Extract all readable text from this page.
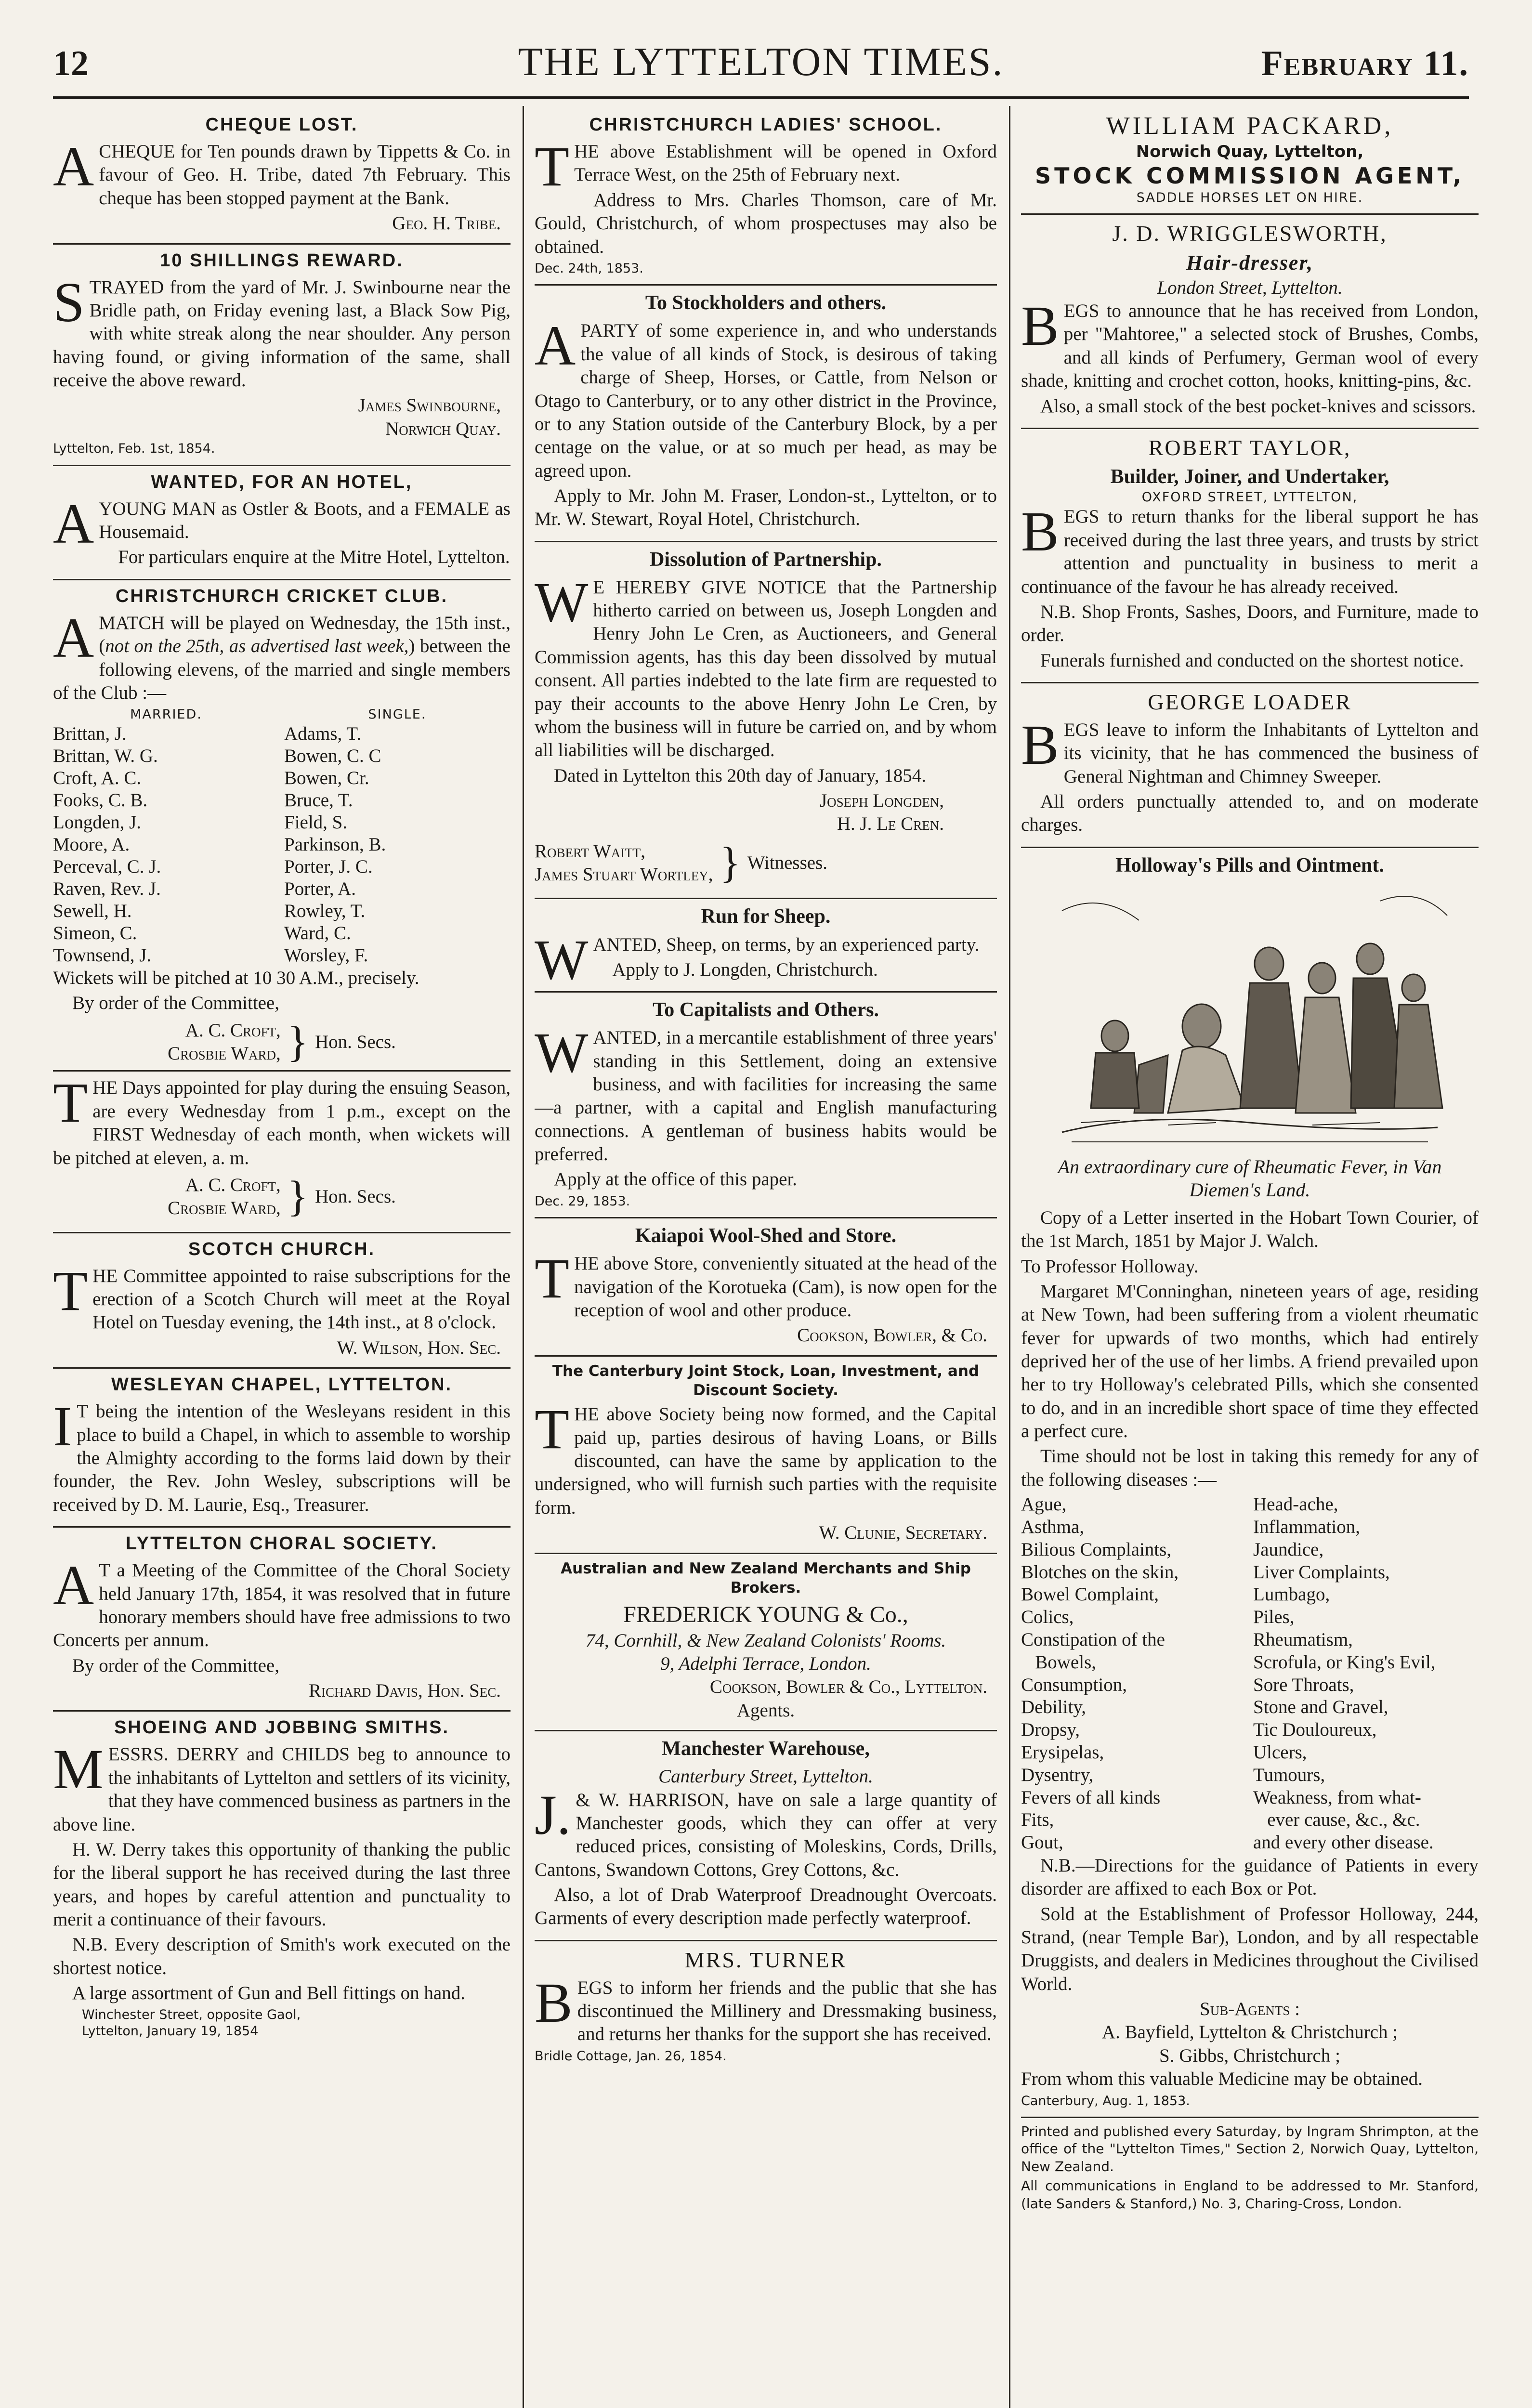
12	THE LYTTELTON TIMES.	February 11.
CHEQUE LOST.

ACHEQUE for Ten pounds drawn by Tippetts & Co. in favour of Geo. H. Tribe, dated 7th February. This cheque has been stopped payment at the Bank.

Geo. H. Tribe.
10 SHILLINGS REWARD.

STRAYED from the yard of Mr. J. Swinbourne near the Bridle path, on Friday evening last, a Black Sow Pig, with white streak along the near shoulder. Any person having found, or giving information of the same, shall receive the above reward.

James Swinbourne,
Norwich Quay.
Lyttelton, Feb. 1st, 1854.
WANTED, FOR AN HOTEL,

AYOUNG MAN as Ostler & Boots, and a FEMALE as Housemaid.

For particulars enquire at the Mitre Hotel, Lyttelton.

CHRISTCHURCH CRICKET CLUB.

AMATCH will be played on Wednesday, the 15th inst., (not on the 25th, as advertised last week,) between the following elevens, of the married and single members of the Club :—

MARRIED.
Brittan, J.
Brittan, W. G.
Croft, A. C.
Fooks, C. B.
Longden, J.
Moore, A.
Perceval, C. J.
Raven, Rev. J.
Sewell, H.
Simeon, C.
Townsend, J.
SINGLE.
Adams, T.
Bowen, C. C
Bowen, Cr.
Bruce, T.
Field, S.
Parkinson, B.
Porter, J. C.
Porter, A.
Rowley, T.
Ward, C.
Worsley, F.

Wickets will be pitched at 10 30 A.M., precisely.

By order of the Committee,

A. C. Croft,
Crosbie Ward, } Hon. Secs.

THE Days appointed for play during the ensuing Season, are every Wednesday from 1 p.m., except on the FIRST Wednesday of each month, when wickets will be pitched at eleven, a. m.

A. C. Croft,
Crosbie Ward, } Hon. Secs.
SCOTCH CHURCH.

THE Committee appointed to raise subscriptions for the erection of a Scotch Church will meet at the Royal Hotel on Tuesday evening, the 14th inst., at 8 o'clock.

W. Wilson, Hon. Sec.
WESLEYAN CHAPEL, LYTTELTON.

IT being the intention of the Wesleyans resident in this place to build a Chapel, in which to assemble to worship the Almighty according to the forms laid down by their founder, the Rev. John Wesley, subscriptions will be received by D. M. Laurie, Esq., Treasurer.

LYTTELTON CHORAL SOCIETY.

AT a Meeting of the Committee of the Choral Society held January 17th, 1854, it was resolved that in future honorary members should have free admissions to two Concerts per annum.

By order of the Committee,

Richard Davis, Hon. Sec.
SHOEING AND JOBBING SMITHS.

MESSRS. DERRY and CHILDS beg to announce to the inhabitants of Lyttelton and settlers of its vicinity, that they have commenced business as partners in the above line.

H. W. Derry takes this opportunity of thanking the public for the liberal support he has received during the last three years, and hopes by careful attention and punctuality to merit a continuance of their favours.

N.B. Every description of Smith's work executed on the shortest notice.

A large assortment of Gun and Bell fittings on hand.

Winchester Street, opposite Gaol,
Lyttelton, January 19, 1854
CHRISTCHURCH LADIES' SCHOOL.

THE above Establishment will be opened in Oxford Terrace West, on the 25th of February next.

Address to Mrs. Charles Thomson, care of Mr. Gould, Christchurch, of whom prospectuses may also be obtained.

Dec. 24th, 1853.
To Stockholders and others.

APARTY of some experience in, and who understands the value of all kinds of Stock, is desirous of taking charge of Sheep, Horses, or Cattle, from Nelson or Otago to Canterbury, or to any other district in the Province, or to any Station outside of the Canterbury Block, by a per centage on the value, or at so much per head, as may be agreed upon.

Apply to Mr. John M. Fraser, London-st., Lyttelton, or to Mr. W. Stewart, Royal Hotel, Christchurch.

Dissolution of Partnership.

WE HEREBY GIVE NOTICE that the Partnership hitherto carried on between us, Joseph Longden and Henry John Le Cren, as Auctioneers, and General Commission agents, has this day been dissolved by mutual consent. All parties indebted to the late firm are requested to pay their accounts to the above Henry John Le Cren, by whom the business will in future be carried on, and by whom all liabilities will be discharged.

Dated in Lyttelton this 20th day of January, 1854.

Joseph Longden,
H. J. Le Cren.
Robert Waitt,
James Stuart Wortley, } Witnesses.
Run for Sheep.

WANTED, Sheep, on terms, by an experienced party.

Apply to J. Longden, Christchurch.

To Capitalists and Others.

WANTED, in a mercantile establishment of three years' standing in this Settlement, doing an extensive business, and with facilities for increasing the same—a partner, with a capital and English manufacturing connections. A gentleman of business habits would be preferred.

Apply at the office of this paper.

Dec. 29, 1853.
Kaiapoi Wool-Shed and Store.

THE above Store, conveniently situated at the head of the navigation of the Korotueka (Cam), is now open for the reception of wool and other produce.

Cookson, Bowler, & Co.
The Canterbury Joint Stock, Loan, Investment, and Discount Society.

THE above Society being now formed, and the Capital paid up, parties desirous of having Loans, or Bills discounted, can have the same by application to the undersigned, who will furnish such parties with the requisite form.

W. Clunie, Secretary.
Australian and New Zealand Merchants and Ship Brokers.
FREDERICK YOUNG & Co.,
74, Cornhill, & New Zealand Colonists' Rooms.
9, Adelphi Terrace, London.
Cookson, Bowler & Co., Lyttelton.
Agents.
Manchester Warehouse,
Canterbury Street, Lyttelton.

J.& W. HARRISON, have on sale a large quantity of Manchester goods, which they can offer at very reduced prices, consisting of Moleskins, Cords, Drills, Cantons, Swandown Cottons, Grey Cottons, &c.

Also, a lot of Drab Waterproof Dreadnought Overcoats. Garments of every description made perfectly waterproof.

MRS. TURNER

BEGS to inform her friends and the public that she has discontinued the Millinery and Dressmaking business, and returns her thanks for the support she has received.

Bridle Cottage, Jan. 26, 1854.
WILLIAM PACKARD,
Norwich Quay, Lyttelton,
STOCK COMMISSION AGENT,
SADDLE HORSES LET ON HIRE.
J. D. WRIGGLESWORTH,
Hair-dresser,
London Street, Lyttelton.

BEGS to announce that he has received from London, per "Mahtoree," a selected stock of Brushes, Combs, and all kinds of Perfumery, German wool of every shade, knitting and crochet cotton, hooks, knitting-pins, &c.

Also, a small stock of the best pocket-knives and scissors.

ROBERT TAYLOR,
Builder, Joiner, and Undertaker,
OXFORD STREET, LYTTELTON,

BEGS to return thanks for the liberal support he has received during the last three years, and trusts by strict attention and punctuality in business to merit a continuance of the favour he has already received.

N.B. Shop Fronts, Sashes, Doors, and Furniture, made to order.

Funerals furnished and conducted on the shortest notice.

GEORGE LOADER

BEGS leave to inform the Inhabitants of Lyttelton and its vicinity, that he has commenced the business of General Nightman and Chimney Sweeper.

All orders punctually attended to, and on moderate charges.

Holloway's Pills and Ointment.
An extraordinary cure of Rheumatic Fever, in Van Diemen's Land.

Copy of a Letter inserted in the Hobart Town Courier, of the 1st March, 1851 by Major J. Walch.

To Professor Holloway.

Margaret M'Conninghan, nineteen years of age, residing at New Town, had been suffering from a violent rheumatic fever for upwards of two months, which had entirely deprived her of the use of her limbs. A friend prevailed upon her to try Holloway's celebrated Pills, which she consented to do, and in an incredible short space of time they effected a perfect cure.

Time should not be lost in taking this remedy for any of the following diseases :—

Ague,
Asthma,
Bilious Complaints,
Blotches on the skin,
Bowel Complaint,
Colics,
Constipation of the
Bowels,
Consumption,
Debility,
Dropsy,
Erysipelas,
Dysentry,
Fevers of all kinds
Fits,
Gout,
Head-ache,
Inflammation,
Jaundice,
Liver Complaints,
Lumbago,
Piles,
Rheumatism,
Scrofula, or King's Evil,
Sore Throats,
Stone and Gravel,
Tic Douloureux,
Ulcers,
Tumours,
Weakness, from what-
ever cause, &c., &c.
and every other disease.

N.B.—Directions for the guidance of Patients in every disorder are affixed to each Box or Pot.

Sold at the Establishment of Professor Holloway, 244, Strand, (near Temple Bar), London, and by all respectable Druggists, and dealers in Medicines throughout the Civilised World.

Sub-Agents :
A. Bayfield, Lyttelton & Christchurch ;
S. Gibbs, Christchurch ;

From whom this valuable Medicine may be obtained.

Canterbury, Aug. 1, 1853.

Printed and published every Saturday, by Ingram Shrimpton, at the office of the "Lyttelton Times," Section 2, Norwich Quay, Lyttelton, New Zealand.

All communications in England to be addressed to Mr. Stanford, (late Sanders & Stanford,) No. 3, Charing-Cross, London.
